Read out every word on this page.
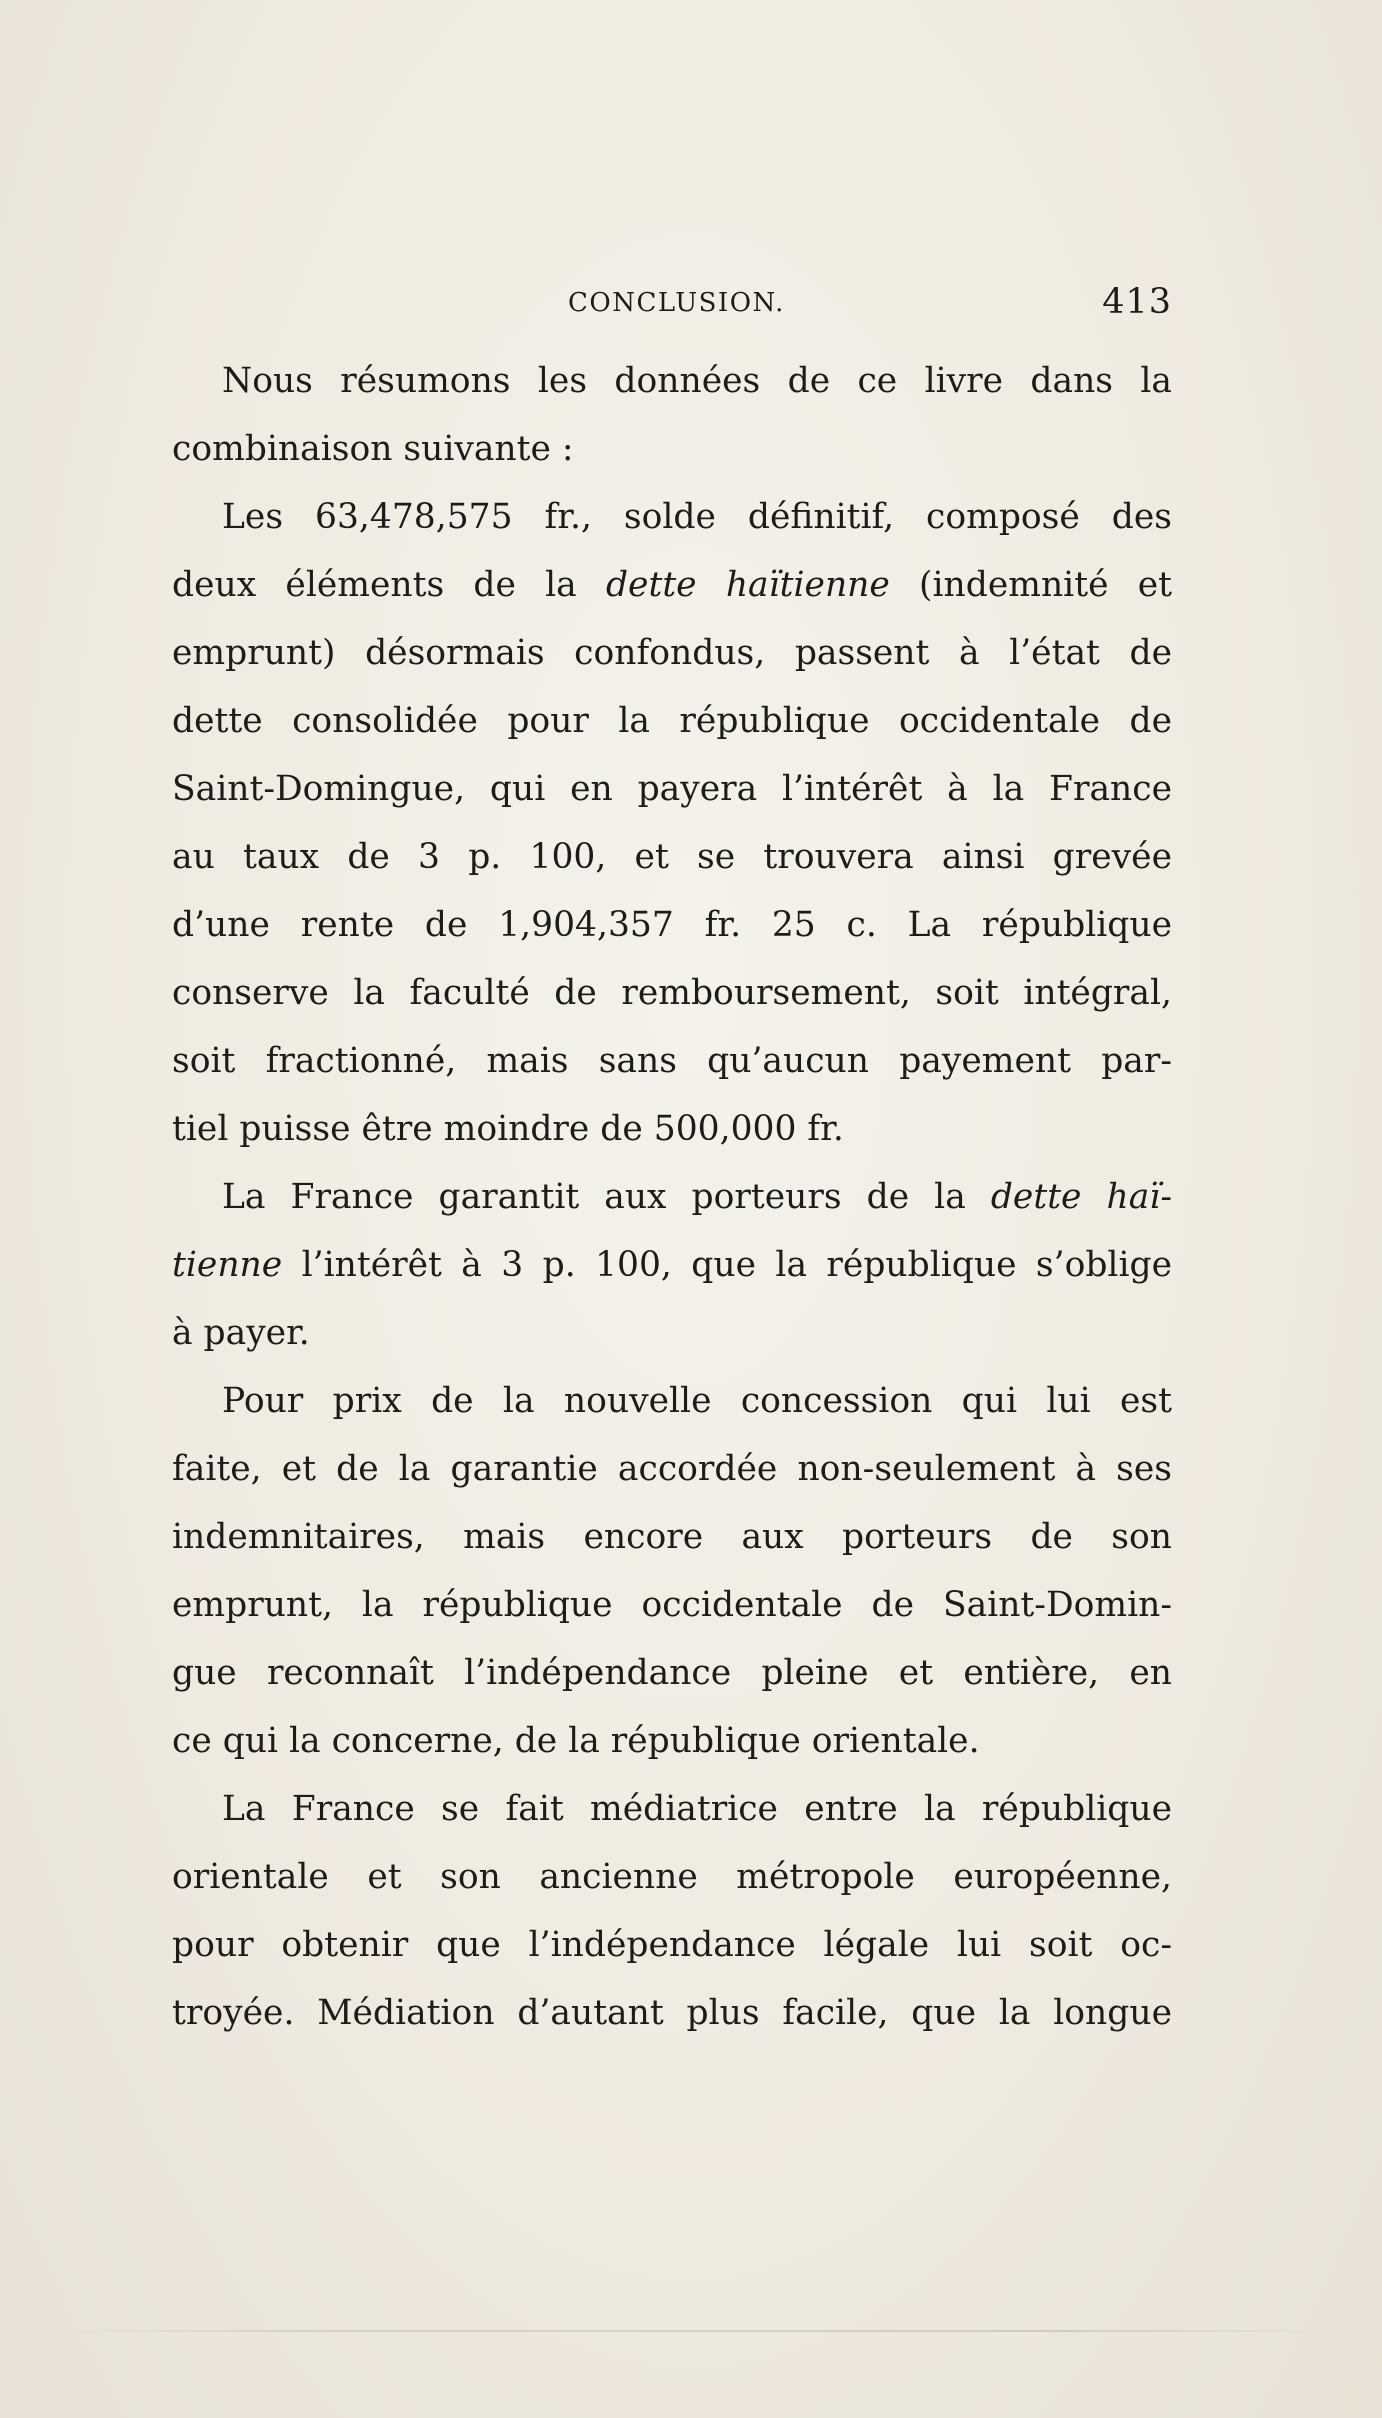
CONCLUSION.	413

Nous résumons les données de ce livre dans la
combinaison suivante :

Les 63,478,575 fr., solde définitif, composé des
deux éléments de la dette haïtienne (indemnité et
emprunt) désormais confondus, passent à l’état de
dette consolidée pour la république occidentale de
Saint-Domingue, qui en payera l’intérêt à la France
au taux de 3 p. 100, et se trouvera ainsi grevée
d’une rente de 1,904,357 fr. 25 c. La république
conserve la faculté de remboursement, soit intégral,
soit fractionné, mais sans qu’aucun payement par-
tiel puisse être moindre de 500,000 fr.

La France garantit aux porteurs de la dette haï-
tienne l’intérêt à 3 p. 100, que la république s’oblige
à payer.

Pour prix de la nouvelle concession qui lui est
faite, et de la garantie accordée non-seulement à ses
indemnitaires, mais encore aux porteurs de son
emprunt, la république occidentale de Saint-Domin-
gue reconnaît l’indépendance pleine et entière, en
ce qui la concerne, de la république orientale.

La France se fait médiatrice entre la république
orientale et son ancienne métropole européenne,
pour obtenir que l’indépendance légale lui soit oc-
troyée. Médiation d’autant plus facile, que la longue
